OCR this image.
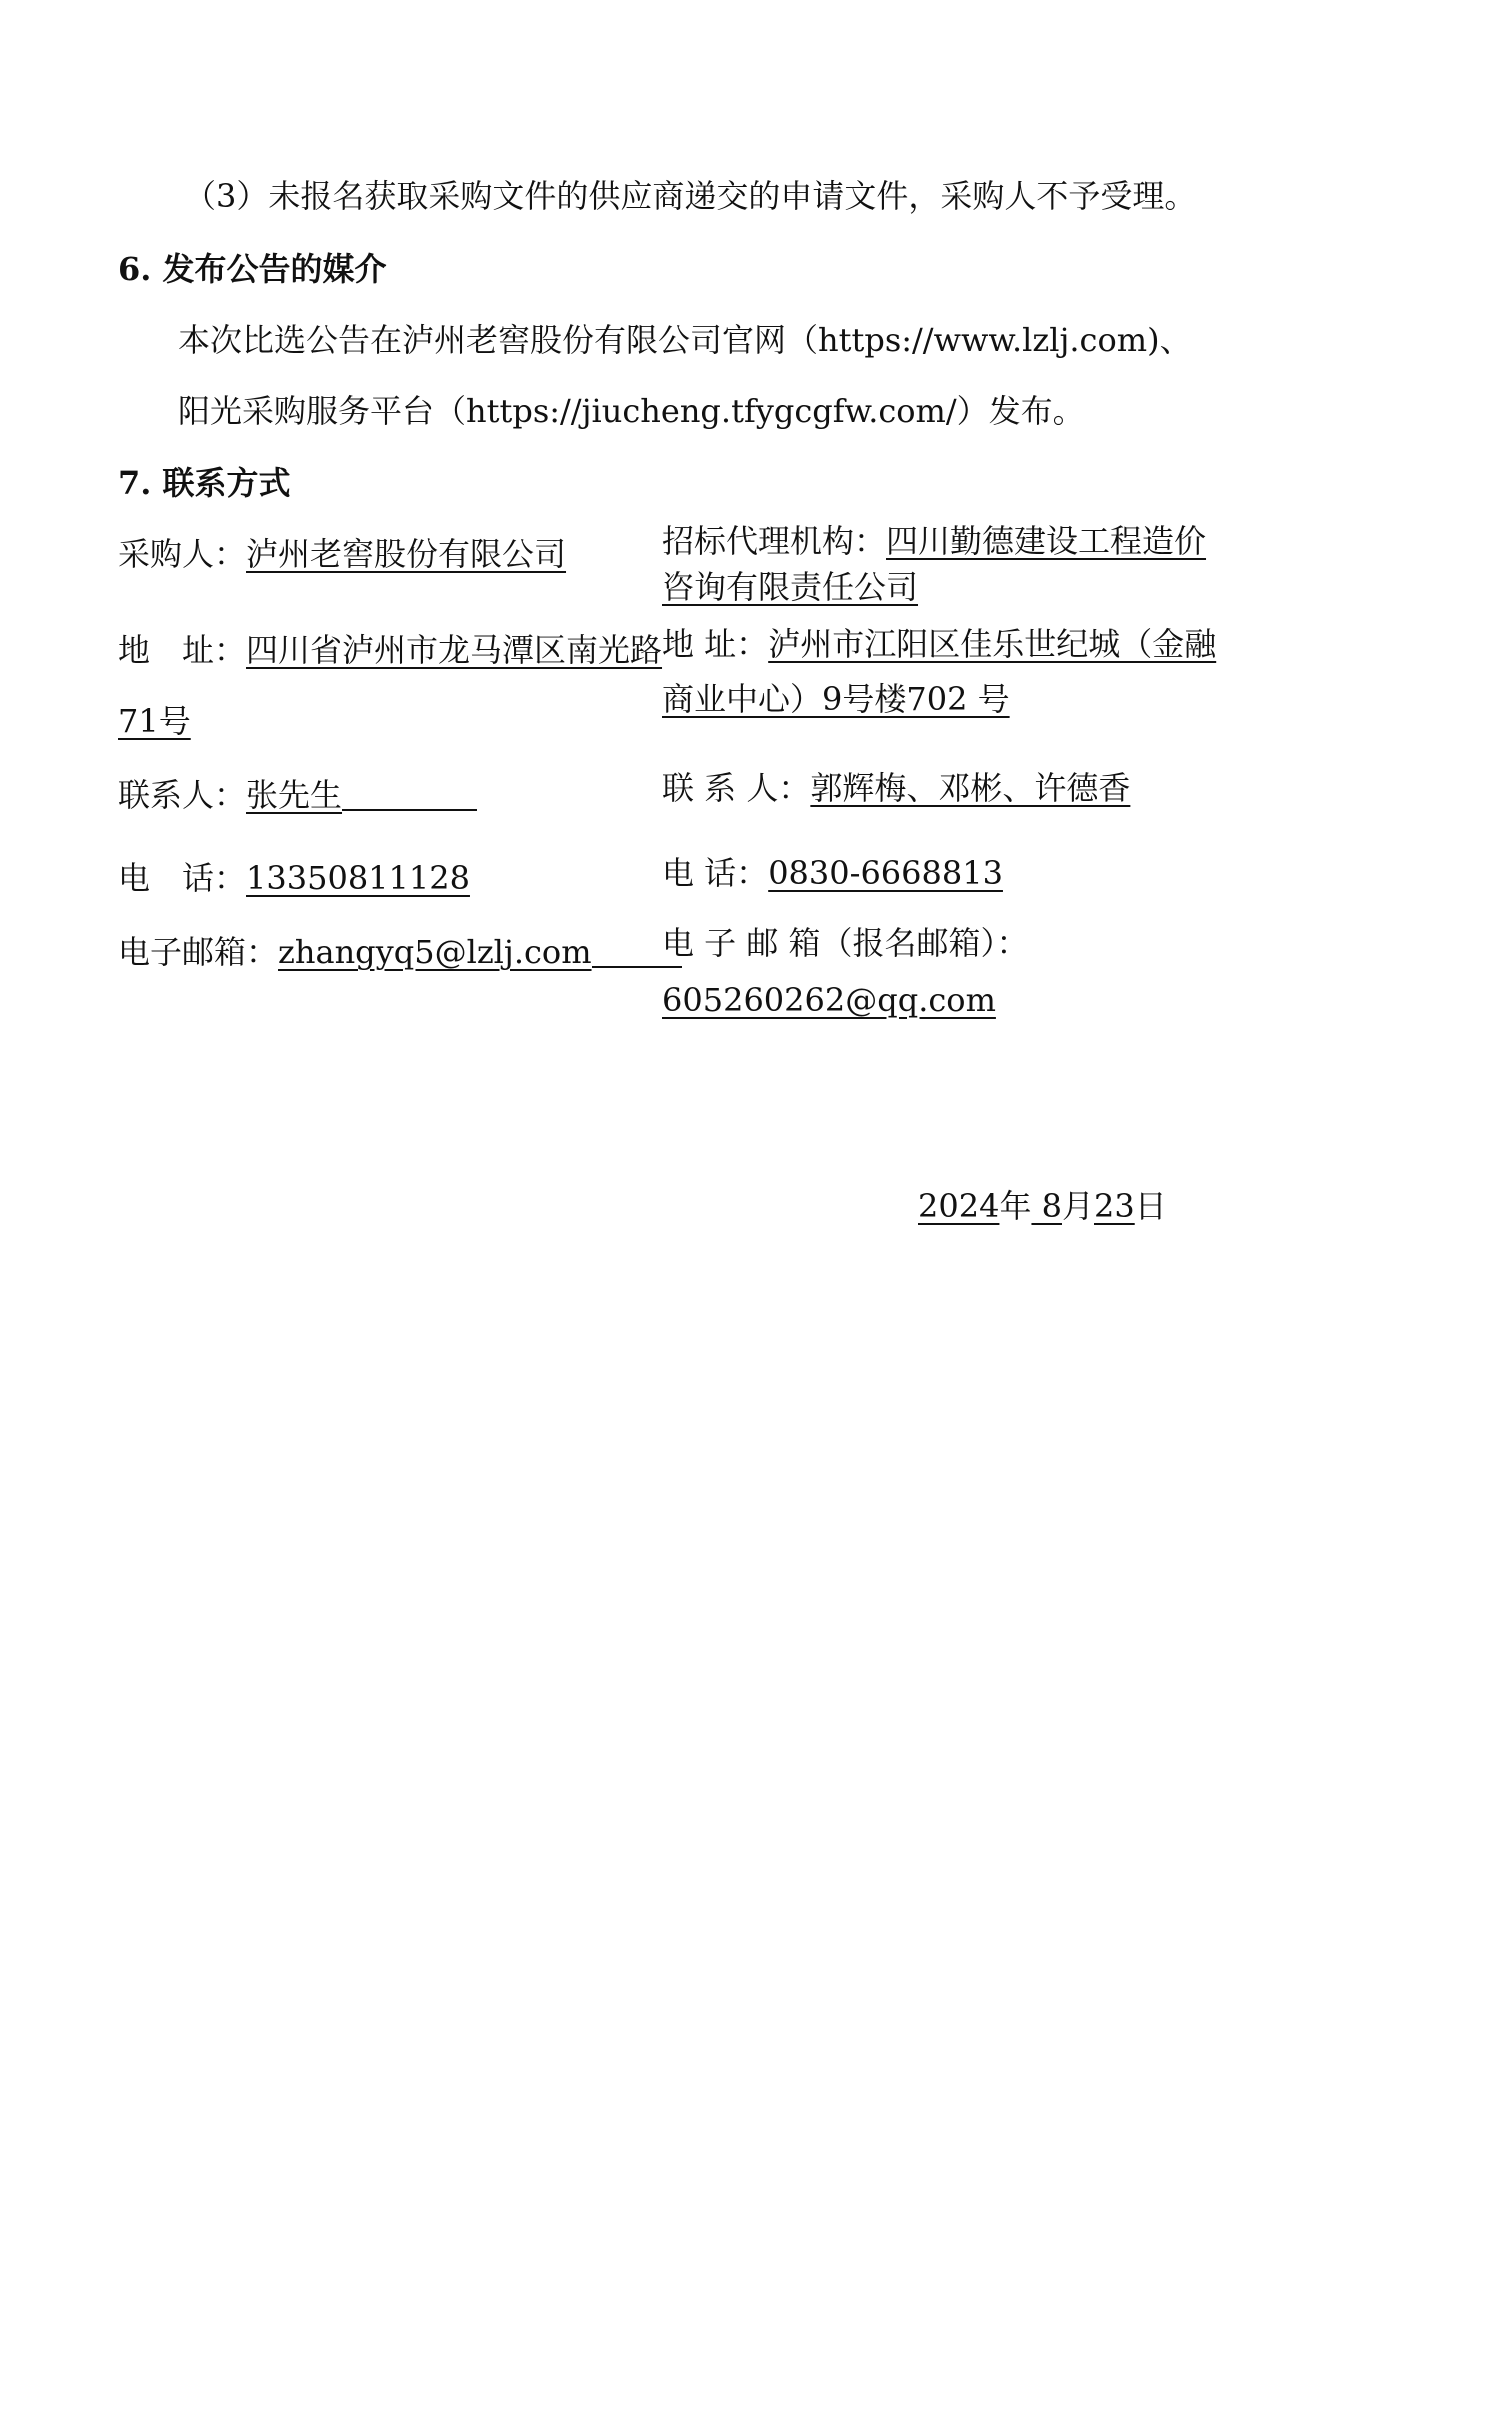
（3）未报名获取采购文件的供应商递交的申请文件，采购人不予受理。
6. 发布公告的媒介
本次比选公告在泸州老窖股份有限公司官网（https://www.lzlj.com)、
阳光采购服务平台（https://jiucheng.tfygcgfw.com/）发布。
7. 联系方式
采购人：泸州老窖股份有限公司
地　址：四川省泸州市龙马潭区南光路
71号
联系人：张先生
电　话：13350811128
电子邮箱：zhangyq5@lzlj.com
招标代理机构：四川勤德建设工程造价
咨询有限责任公司
地 址：泸州市江阳区佳乐世纪城（金融
商业中心）9号楼702 号
联 系 人：郭辉梅、邓彬、许德香
电 话：0830-6668813
电 子 邮 箱（报名邮箱）：
605260262@qq.com
2024年 8月23日
